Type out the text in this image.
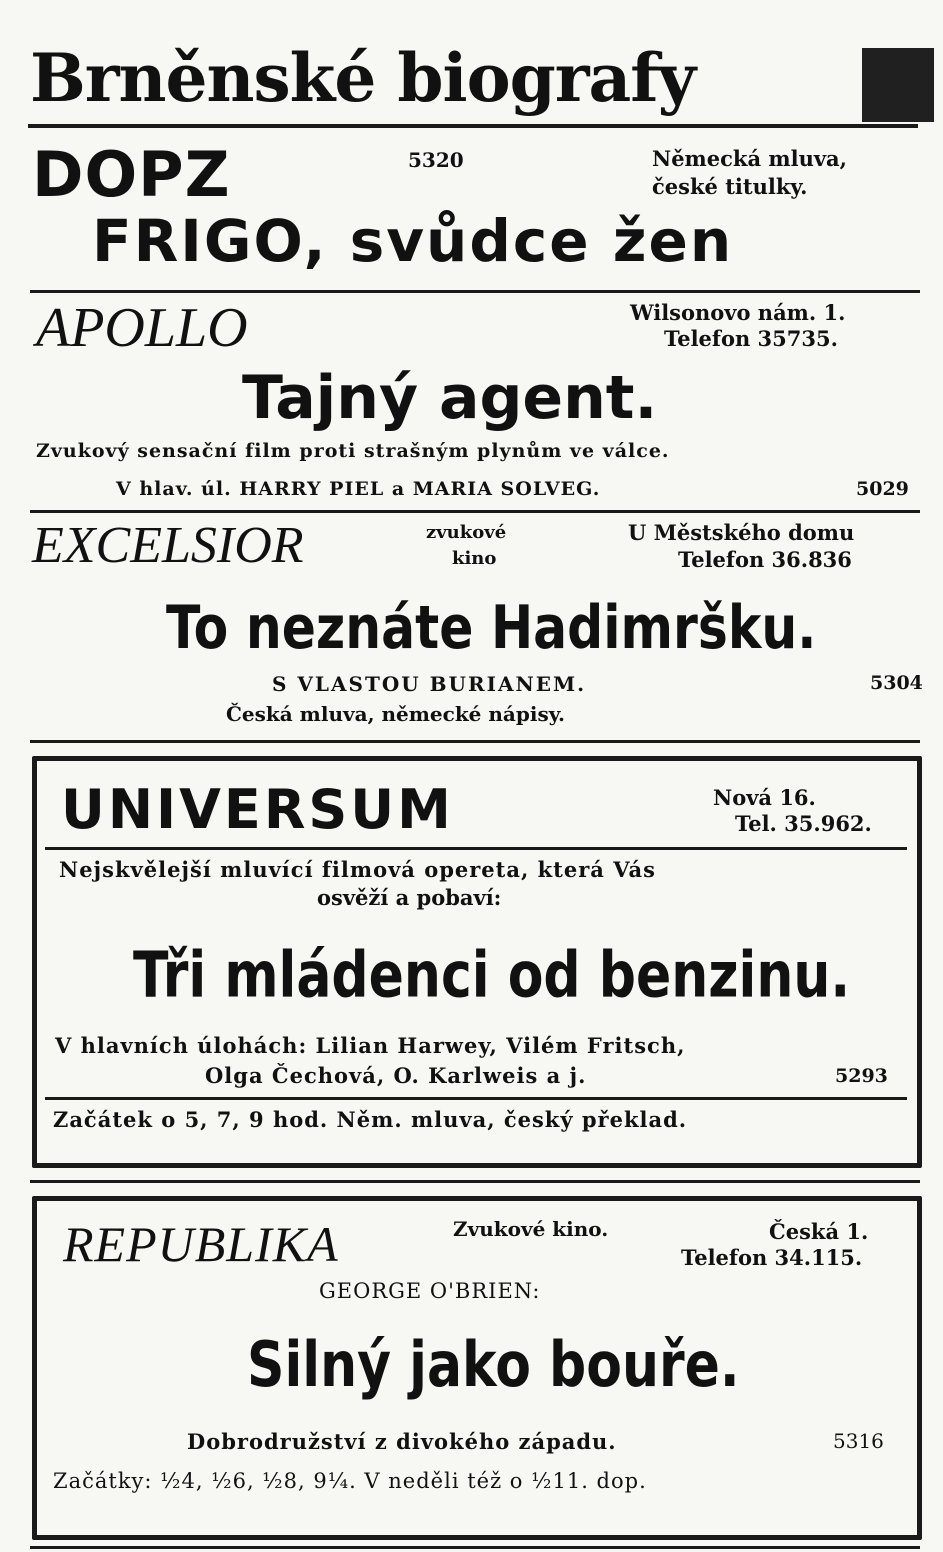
Brněnské biografy
DOPZ	5320	Německá mluva,
české titulky.
FRIGO, svůdce žen
APOLLO	Wilsonovo nám. 1.
Telefon 35735.
Tajný agent.
Zvukový sensační film proti strašným plynům ve válce.
V hlav. úl. HARRY PIEL a MARIA SOLVEG.	5029
EXCELSIOR	zvukové
kino
U Městského domu
Telefon 36.836
To neznáte Hadimršku.
S VLASTOU BURIANEM.	5304
Česká mluva, německé nápisy.
UNIVERSUM	Nová 16.
Tel. 35.962.
Nejskvělejší mluvící filmová opereta, která Vás
osvěží a pobaví:
Tři mládenci od benzinu.
V hlavních úlohách: Lilian Harwey, Vilém Fritsch,
Olga Čechová, O. Karlweis a j.	5293
Začátek o 5, 7, 9 hod. Něm. mluva, český překlad.
REPUBLIKA	Zvukové kino.	Česká 1.
Telefon 34.115.
GEORGE O'BRIEN:
Silný jako bouře.
Dobrodružství z divokého západu.	5316
Začátky: ½4, ½6, ½8, 9¼. V neděli též o ½11. dop.
